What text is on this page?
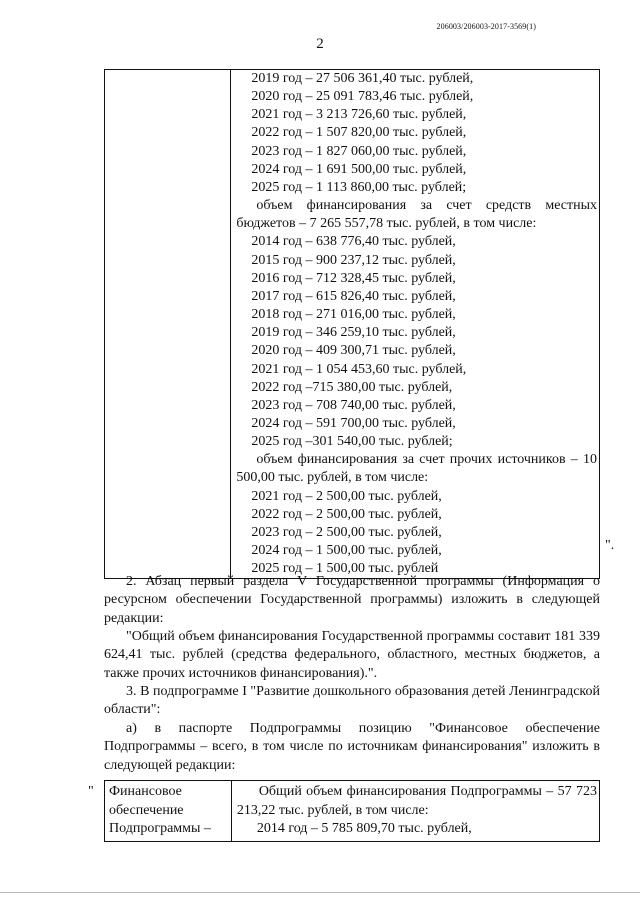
206003/206003-2017-3569(1)
2

2019 год – 27 506 361,40 тыс. рублей,
2020 год – 25 091 783,46 тыс. рублей,
2021 год – 3 213 726,60 тыс. рублей,
2022 год – 1 507 820,00 тыс. рублей,
2023 год – 1 827 060,00 тыс. рублей,
2024 год – 1 691 500,00 тыс. рублей,
2025 год – 1 113 860,00 тыс. рублей;
объем финансирования за счет средств местных бюджетов – 7 265 557,78 тыс. рублей, в том числе:
2014 год – 638 776,40 тыс. рублей,
2015 год – 900 237,12 тыс. рублей,
2016 год – 712 328,45 тыс. рублей,
2017 год – 615 826,40 тыс. рублей,
2018 год – 271 016,00 тыс. рублей,
2019 год – 346 259,10 тыс. рублей,
2020 год – 409 300,71 тыс. рублей,
2021 год – 1 054 453,60 тыс. рублей,
2022 год –715 380,00 тыс. рублей,
2023 год – 708 740,00 тыс. рублей,
2024 год – 591 700,00 тыс. рублей,
2025 год –301 540,00 тыс. рублей;
объем финансирования за счет прочих источников – 10 500,00 тыс. рублей, в том числе:
2021 год – 2 500,00 тыс. рублей,
2022 год – 2 500,00 тыс. рублей,
2023 год – 2 500,00 тыс. рублей,
2024 год – 1 500,00 тыс. рублей,
2025 год – 1 500,00 тыс. рублей
".
2. Абзац первый раздела V Государственной программы (Информация о ресурсном обеспечении Государственной программы) изложить в следующей редакции:
"Общий объем финансирования Государственной программы составит 181 339 624,41 тыс. рублей (средства федерального, областного, местных бюджетов, а также прочих источников финансирования).".
3. В подпрограмме I "Развитие дошкольного образования детей Ленинградской области":
а) в паспорте Подпрограммы позицию "Финансовое обеспечение Подпрограммы – всего, в том числе по источникам финансирования" изложить в следующей редакции:
" Финансовое
обеспечение
Подпрограммы –

Общий объем финансирования Подпрограммы – 57 723 213,22 тыс. рублей, в том числе:
2014 год – 5 785 809,70 тыс. рублей,
